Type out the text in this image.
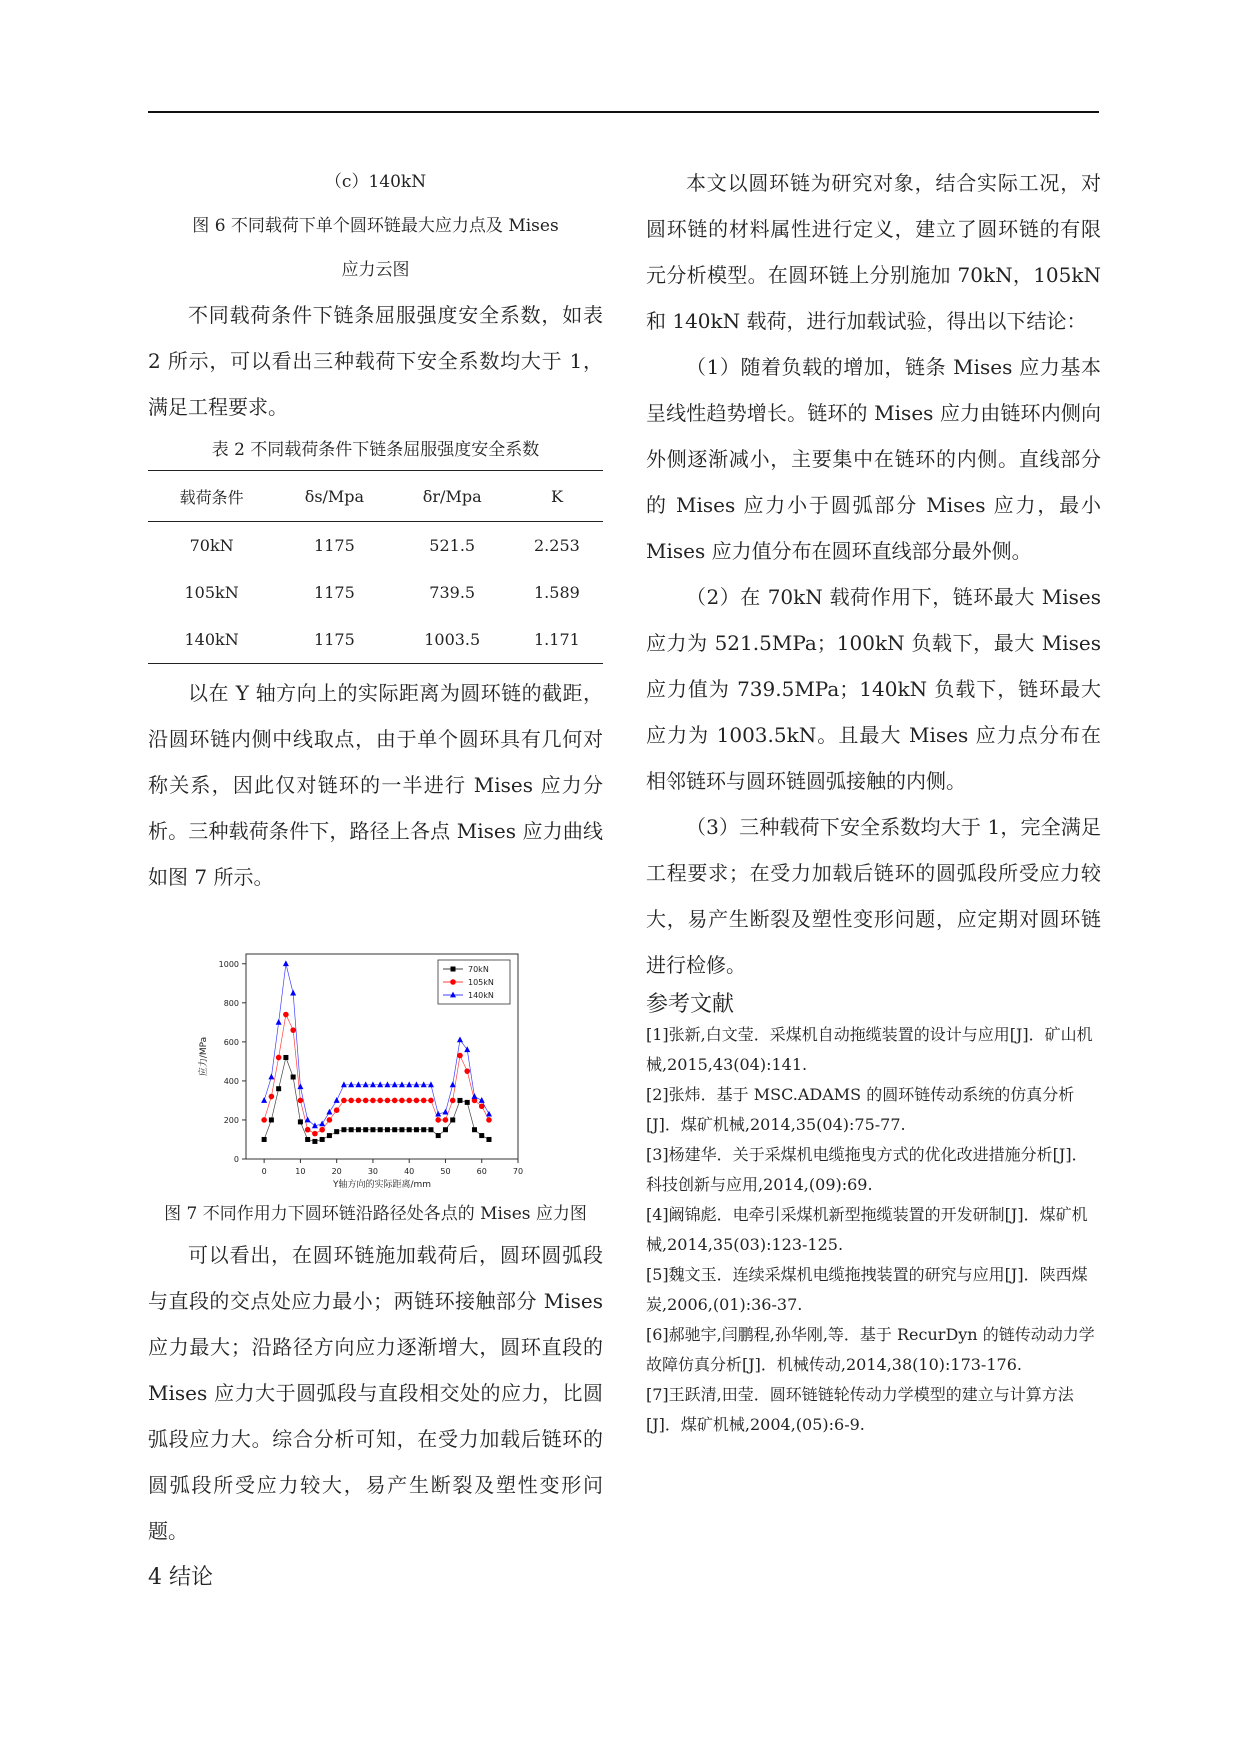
（c）140kN
图 6 不同载荷下单个圆环链最大应力点及 Mises
应力云图

不同载荷条件下链条屈服强度安全系数，如表 2 所示，可以看出三种载荷下安全系数均大于 1，满足工程要求。

表 2 不同载荷条件下链条屈服强度安全系数
载荷条件	δs/Mpa	δr/Mpa	K
70kN	1175	521.5	2.253
105kN	1175	739.5	1.589
140kN	1175	1003.5	1.171

以在 Y 轴方向上的实际距离为圆环链的截距，沿圆环链内侧中线取点，由于单个圆环具有几何对称关系，因此仅对链环的一半进行 Mises 应力分析。三种载荷条件下，路径上各点 Mises 应力曲线如图 7 所示。

0	10	20	30	40	50	60	70
0
200
400
600
800
1000
Y轴方向的实际距离/mm
应力/MPa
70kN
105kN
140kN
图 7 不同作用力下圆环链沿路径处各点的 Mises 应力图

可以看出，在圆环链施加载荷后，圆环圆弧段与直段的交点处应力最小；两链环接触部分 Mises 应力最大；沿路径方向应力逐渐增大，圆环直段的 Mises 应力大于圆弧段与直段相交处的应力，比圆弧段应力大。综合分析可知，在受力加载后链环的圆弧段所受应力较大，易产生断裂及塑性变形问题。

4 结论

本文以圆环链为研究对象，结合实际工况，对圆环链的材料属性进行定义，建立了圆环链的有限元分析模型。在圆环链上分别施加 70kN，105kN 和 140kN 载荷，进行加载试验，得出以下结论：

（1）随着负载的增加，链条 Mises 应力基本呈线性趋势增长。链环的 Mises 应力由链环内侧向外侧逐渐减小，主要集中在链环的内侧。直线部分的 Mises 应力小于圆弧部分 Mises 应力，最小 Mises 应力值分布在圆环直线部分最外侧。

（2）在 70kN 载荷作用下，链环最大 Mises 应力为 521.5MPa；100kN 负载下，最大 Mises 应力值为 739.5MPa；140kN 负载下，链环最大应力为 1003.5kN。且最大 Mises 应力点分布在相邻链环与圆环链圆弧接触的内侧。

（3）三种载荷下安全系数均大于 1，完全满足工程要求；在受力加载后链环的圆弧段所受应力较大，易产生断裂及塑性变形问题，应定期对圆环链进行检修。

参考文献

[1]张新,白文莹．采煤机自动拖缆装置的设计与应用[J]．矿山机械,2015,43(04):141.

[2]张炜．基于 MSC.ADAMS 的圆环链传动系统的仿真分析[J]．煤矿机械,2014,35(04):75-77.

[3]杨建华．关于采煤机电缆拖曳方式的优化改进措施分析[J]．科技创新与应用,2014,(09):69.

[4]阚锦彪．电牵引采煤机新型拖缆装置的开发研制[J]．煤矿机械,2014,35(03):123-125.

[5]魏文玉．连续采煤机电缆拖拽装置的研究与应用[J]．陕西煤炭,2006,(01):36-37.

[6]郝驰宇,闫鹏程,孙华刚,等．基于 RecurDyn 的链传动动力学故障仿真分析[J]．机械传动,2014,38(10):173-176.

[7]王跃清,田莹．圆环链链轮传动力学模型的建立与计算方法[J]．煤矿机械,2004,(05):6-9.
